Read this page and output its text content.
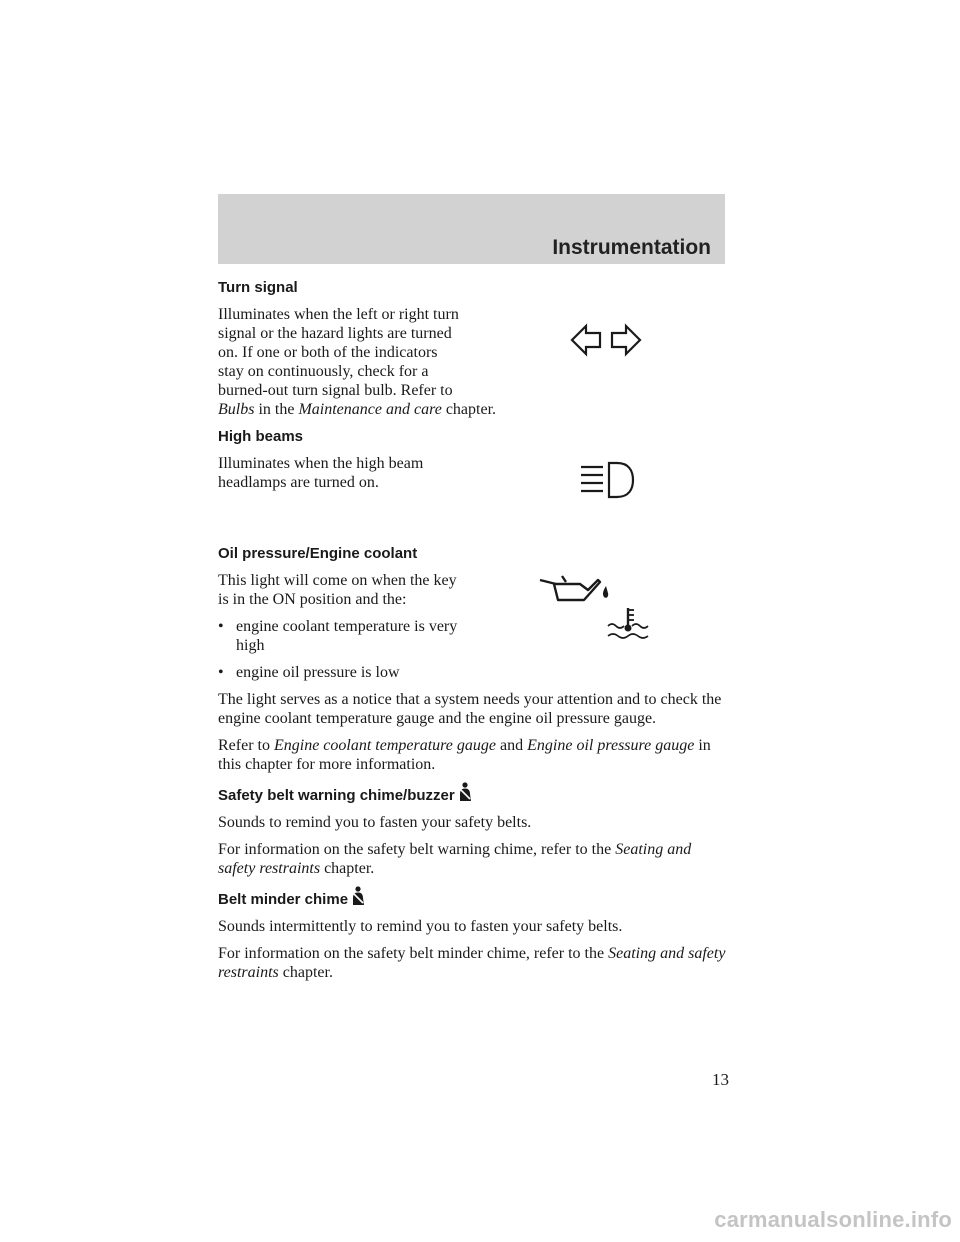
Instrumentation
Turn signal
Illuminates when the left or right turn signal or the hazard lights are turned on. If one or both of the indicators stay on continuously, check for a burned-out turn signal bulb. Refer to Bulbs in the Maintenance and care chapter.
High beams
Illuminates when the high beam headlamps are turned on.
Oil pressure/Engine coolant
This light will come on when the key is in the ON position and the:
• engine coolant temperature is very high
• engine oil pressure is low
The light serves as a notice that a system needs your attention and to check the engine coolant temperature gauge and the engine oil pressure gauge.
Refer to Engine coolant temperature gauge and Engine oil pressure gauge in this chapter for more information.
Safety belt warning chime/buzzer
Sounds to remind you to fasten your safety belts.
For information on the safety belt warning chime, refer to the Seating and safety restraints chapter.
Belt minder chime
Sounds intermittently to remind you to fasten your safety belts.
For information on the safety belt minder chime, refer to the Seating and safety restraints chapter.
13
carmanualsonline.info
